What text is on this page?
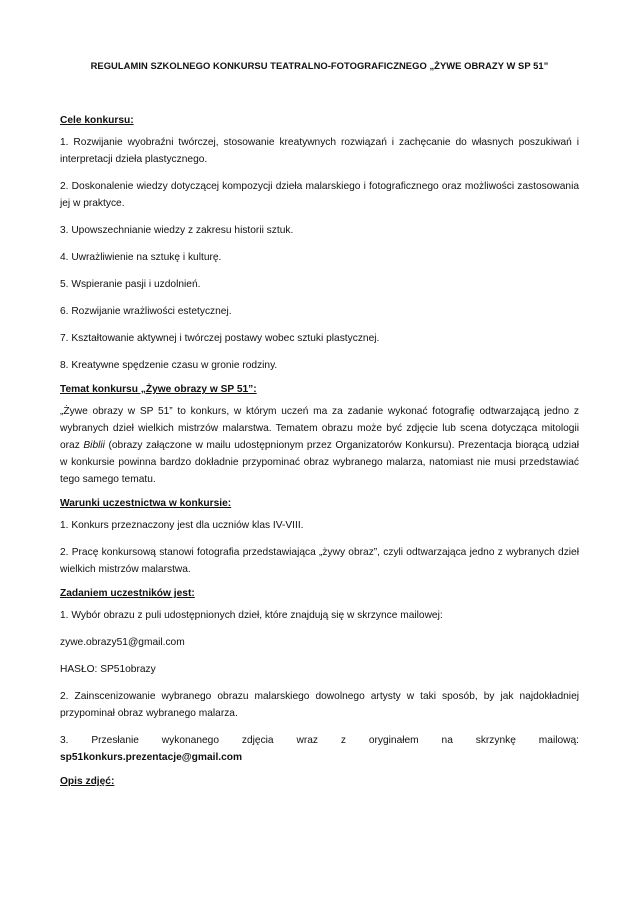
REGULAMIN SZKOLNEGO KONKURSU TEATRALNO-FOTOGRAFICZNEGO „ŻYWE OBRAZY W SP 51”
Cele konkursu:

1. Rozwijanie wyobraźni twórczej, stosowanie kreatywnych rozwiązań i zachęcanie do własnych poszukiwań i interpretacji dzieła plastycznego.

2. Doskonalenie wiedzy dotyczącej kompozycji dzieła malarskiego i fotograficznego oraz możliwości zastosowania jej w praktyce.

3. Upowszechnianie wiedzy z zakresu historii sztuk.

4. Uwrażliwienie na sztukę i kulturę.

5. Wspieranie pasji i uzdolnień.

6. Rozwijanie wrażliwości estetycznej.

7. Kształtowanie aktywnej i twórczej postawy wobec sztuki plastycznej.

8. Kreatywne spędzenie czasu w gronie rodziny.

Temat konkursu „Żywe obrazy w SP 51”:

„Żywe obrazy w SP 51” to konkurs, w którym uczeń ma za zadanie wykonać fotografię odtwarzającą jedno z wybranych dzieł wielkich mistrzów malarstwa. Tematem obrazu może być zdjęcie lub scena dotycząca mitologii oraz Biblii (obrazy załączone w mailu udostępnionym przez Organizatorów Konkursu). Prezentacja biorącą udział w konkursie powinna bardzo dokładnie przypominać obraz wybranego malarza, natomiast nie musi przedstawiać tego samego tematu.

Warunki uczestnictwa w konkursie:

1. Konkurs przeznaczony jest dla uczniów klas IV-VIII.

2. Pracę konkursową stanowi fotografia przedstawiająca „żywy obraz”, czyli odtwarzająca jedno z wybranych dzieł wielkich mistrzów malarstwa.

Zadaniem uczestników jest:

1. Wybór obrazu z puli udostępnionych dzieł, które znajdują się w skrzynce mailowej:

zywe.obrazy51@gmail.com

HASŁO: SP51obrazy

2. Zainscenizowanie wybranego obrazu malarskiego dowolnego artysty w taki sposób, by jak najdokładniej przypominał obraz wybranego malarza.

3. Przesłanie wykonanego zdjęcia wraz z oryginałem na skrzynkę mailową:
sp51konkurs.prezentacje@gmail.com

Opis zdjęć:
